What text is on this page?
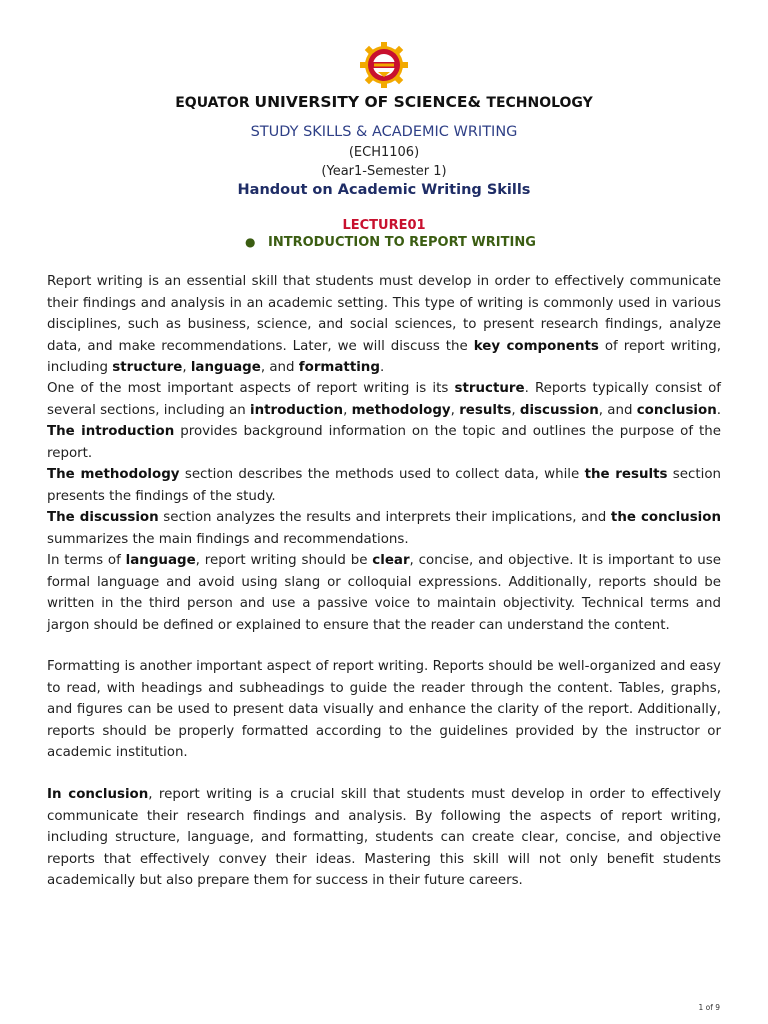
EQUATOR UNIVERSITY OF SCIENCE& TECHNOLOGY
STUDY SKILLS & ACADEMIC WRITING
(ECH1106)
(Year1-Semester 1)
Handout on Academic Writing Skills
LECTURE01
● INTRODUCTION TO REPORT WRITING
Report writing is an essential skill that students must develop in order to effectively communicate their findings and analysis in an academic setting. This type of writing is commonly used in various disciplines, such as business, science, and social sciences, to present research findings, analyze data, and make recommendations. Later, we will discuss the key components of report writing, including structure, language, and formatting.
One of the most important aspects of report writing is its structure. Reports typically consist of several sections, including an introduction, methodology, results, discussion, and conclusion.
The introduction provides background information on the topic and outlines the purpose of the report.
The methodology section describes the methods used to collect data, while the results section presents the findings of the study.
The discussion section analyzes the results and interprets their implications, and the conclusion summarizes the main findings and recommendations.
In terms of language, report writing should be clear, concise, and objective. It is important to use formal language and avoid using slang or colloquial expressions. Additionally, reports should be written in the third person and use a passive voice to maintain objectivity. Technical terms and jargon should be defined or explained to ensure that the reader can understand the content.
Formatting is another important aspect of report writing. Reports should be well-organized and easy to read, with headings and subheadings to guide the reader through the content. Tables, graphs, and figures can be used to present data visually and enhance the clarity of the report. Additionally, reports should be properly formatted according to the guidelines provided by the instructor or academic institution.
In conclusion, report writing is a crucial skill that students must develop in order to effectively communicate their research findings and analysis. By following the aspects of report writing, including structure, language, and formatting, students can create clear, concise, and objective reports that effectively convey their ideas. Mastering this skill will not only benefit students academically but also prepare them for success in their future careers.
1 of 9
